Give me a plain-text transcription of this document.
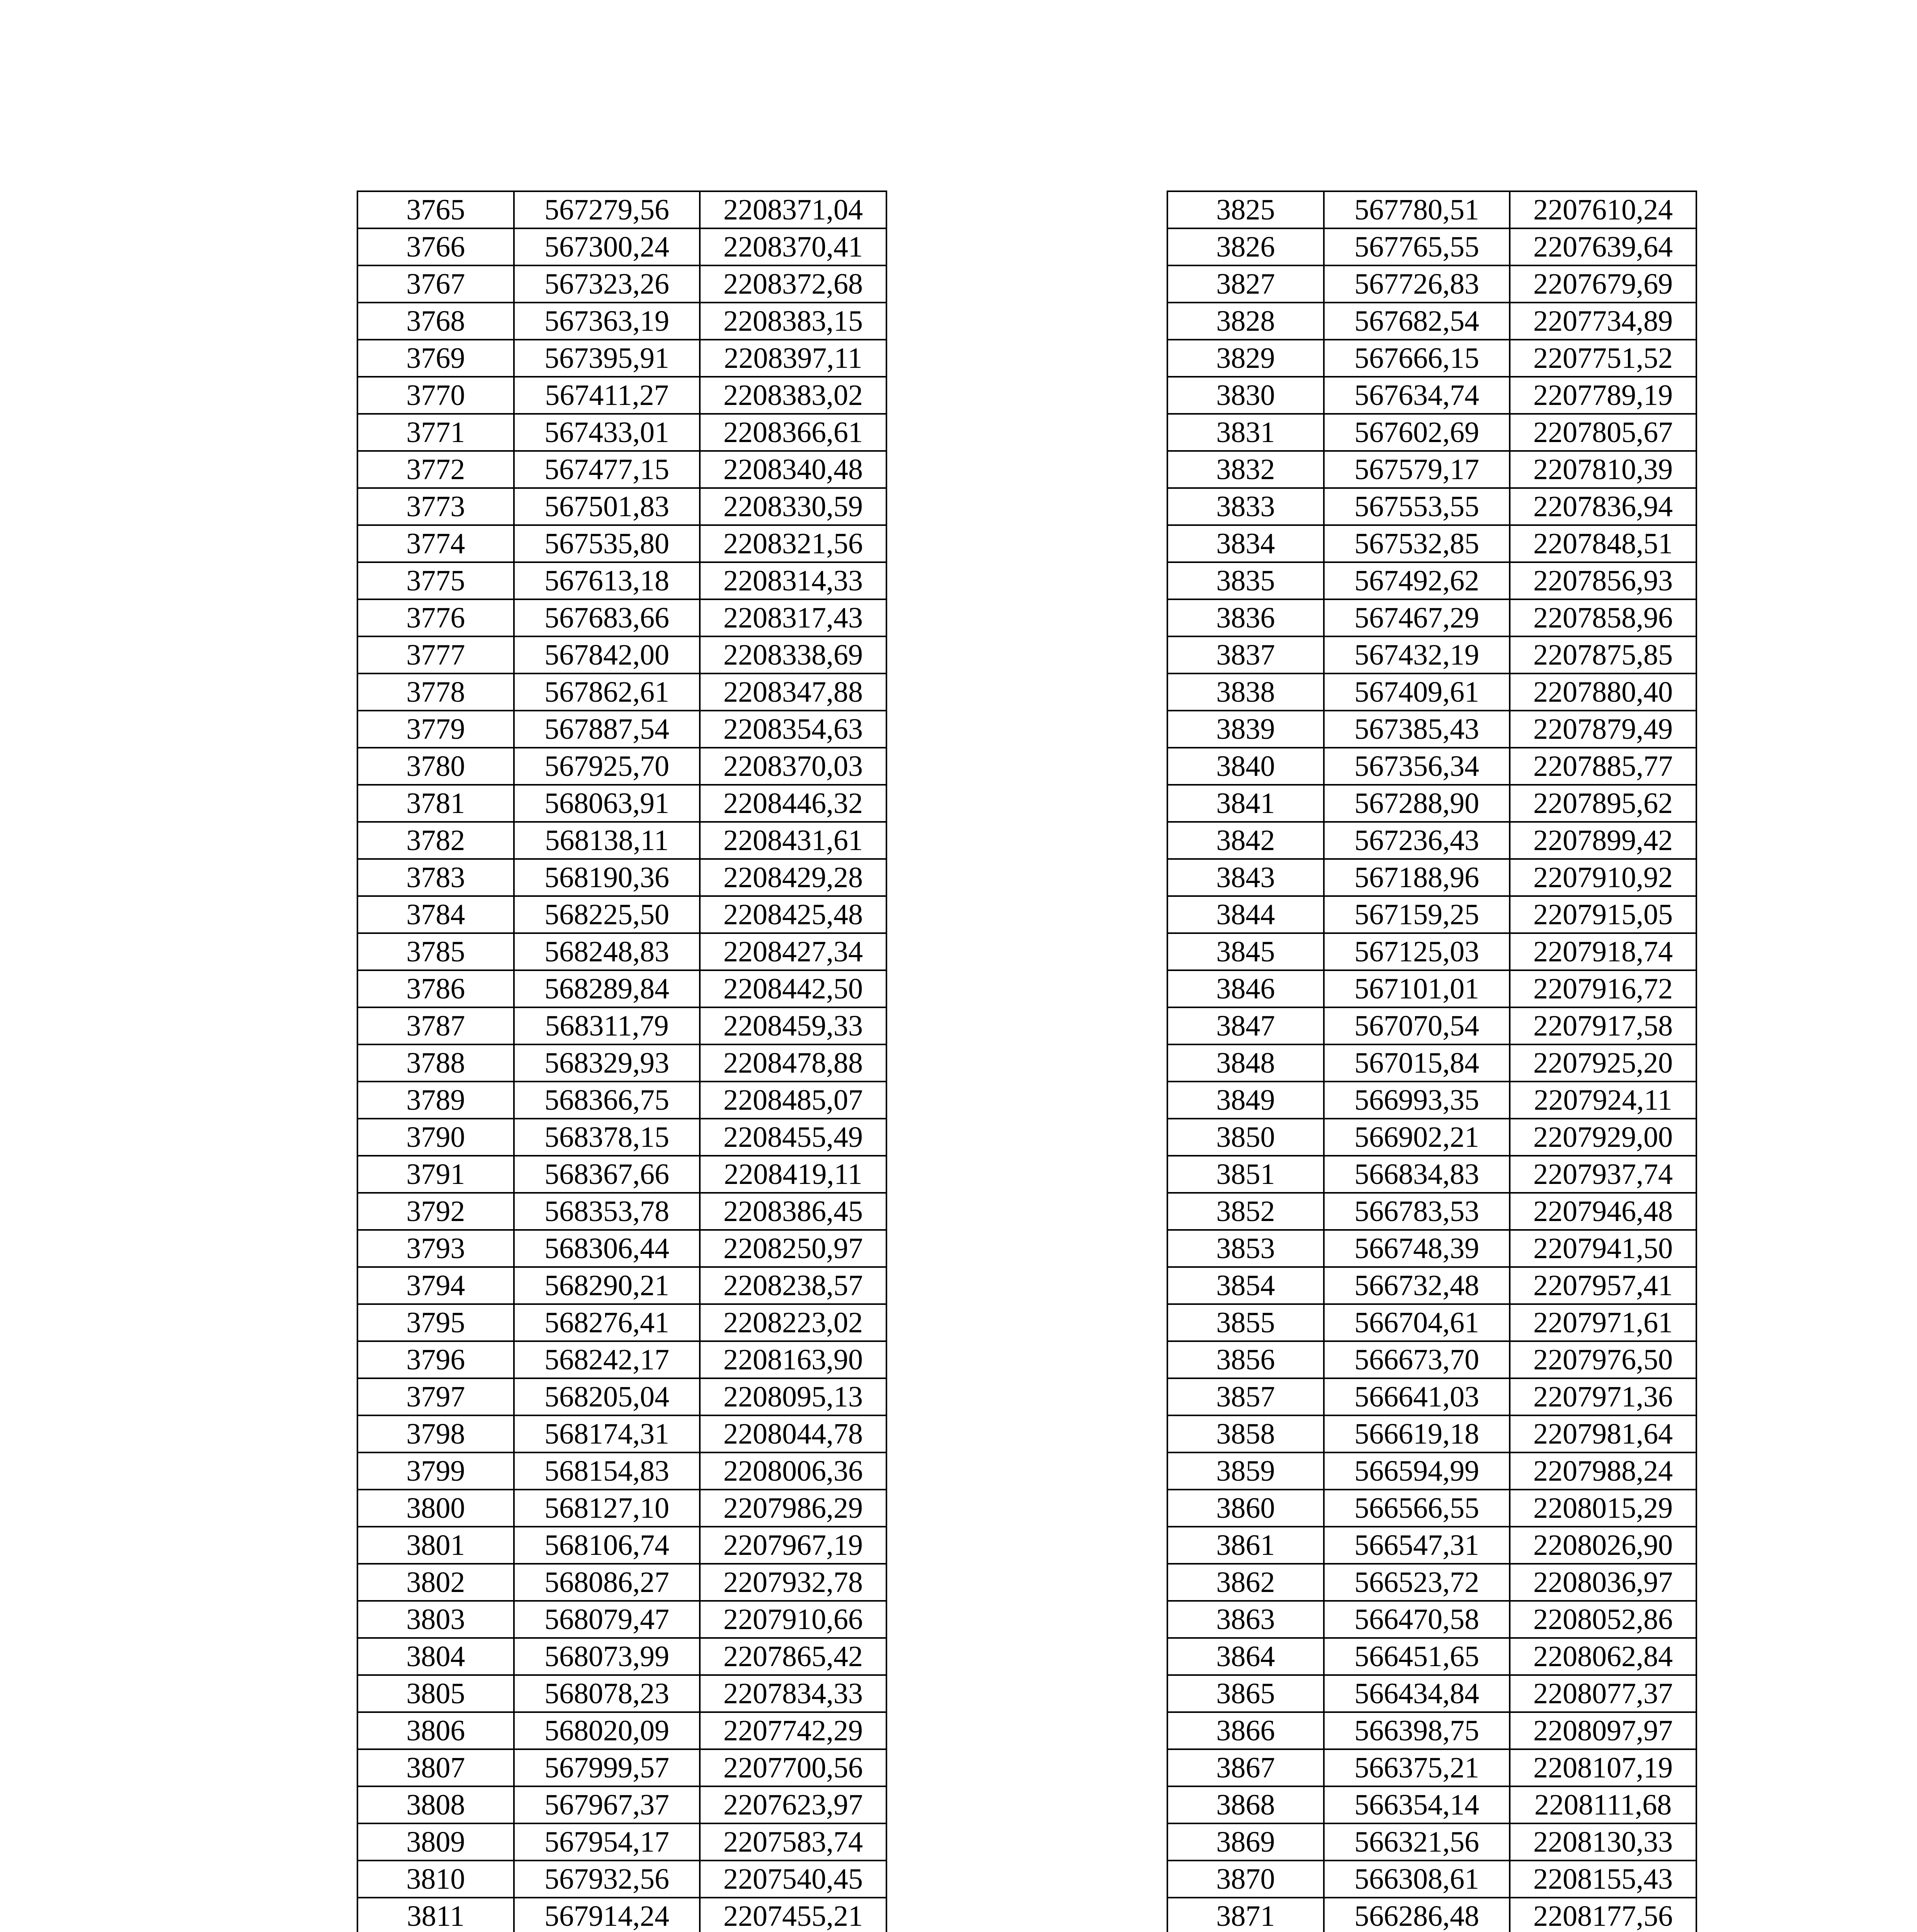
3765	567279,56	2208371,04
3766	567300,24	2208370,41
3767	567323,26	2208372,68
3768	567363,19	2208383,15
3769	567395,91	2208397,11
3770	567411,27	2208383,02
3771	567433,01	2208366,61
3772	567477,15	2208340,48
3773	567501,83	2208330,59
3774	567535,80	2208321,56
3775	567613,18	2208314,33
3776	567683,66	2208317,43
3777	567842,00	2208338,69
3778	567862,61	2208347,88
3779	567887,54	2208354,63
3780	567925,70	2208370,03
3781	568063,91	2208446,32
3782	568138,11	2208431,61
3783	568190,36	2208429,28
3784	568225,50	2208425,48
3785	568248,83	2208427,34
3786	568289,84	2208442,50
3787	568311,79	2208459,33
3788	568329,93	2208478,88
3789	568366,75	2208485,07
3790	568378,15	2208455,49
3791	568367,66	2208419,11
3792	568353,78	2208386,45
3793	568306,44	2208250,97
3794	568290,21	2208238,57
3795	568276,41	2208223,02
3796	568242,17	2208163,90
3797	568205,04	2208095,13
3798	568174,31	2208044,78
3799	568154,83	2208006,36
3800	568127,10	2207986,29
3801	568106,74	2207967,19
3802	568086,27	2207932,78
3803	568079,47	2207910,66
3804	568073,99	2207865,42
3805	568078,23	2207834,33
3806	568020,09	2207742,29
3807	567999,57	2207700,56
3808	567967,37	2207623,97
3809	567954,17	2207583,74
3810	567932,56	2207540,45
3811	567914,24	2207455,21

3825	567780,51	2207610,24
3826	567765,55	2207639,64
3827	567726,83	2207679,69
3828	567682,54	2207734,89
3829	567666,15	2207751,52
3830	567634,74	2207789,19
3831	567602,69	2207805,67
3832	567579,17	2207810,39
3833	567553,55	2207836,94
3834	567532,85	2207848,51
3835	567492,62	2207856,93
3836	567467,29	2207858,96
3837	567432,19	2207875,85
3838	567409,61	2207880,40
3839	567385,43	2207879,49
3840	567356,34	2207885,77
3841	567288,90	2207895,62
3842	567236,43	2207899,42
3843	567188,96	2207910,92
3844	567159,25	2207915,05
3845	567125,03	2207918,74
3846	567101,01	2207916,72
3847	567070,54	2207917,58
3848	567015,84	2207925,20
3849	566993,35	2207924,11
3850	566902,21	2207929,00
3851	566834,83	2207937,74
3852	566783,53	2207946,48
3853	566748,39	2207941,50
3854	566732,48	2207957,41
3855	566704,61	2207971,61
3856	566673,70	2207976,50
3857	566641,03	2207971,36
3858	566619,18	2207981,64
3859	566594,99	2207988,24
3860	566566,55	2208015,29
3861	566547,31	2208026,90
3862	566523,72	2208036,97
3863	566470,58	2208052,86
3864	566451,65	2208062,84
3865	566434,84	2208077,37
3866	566398,75	2208097,97
3867	566375,21	2208107,19
3868	566354,14	2208111,68
3869	566321,56	2208130,33
3870	566308,61	2208155,43
3871	566286,48	2208177,56
